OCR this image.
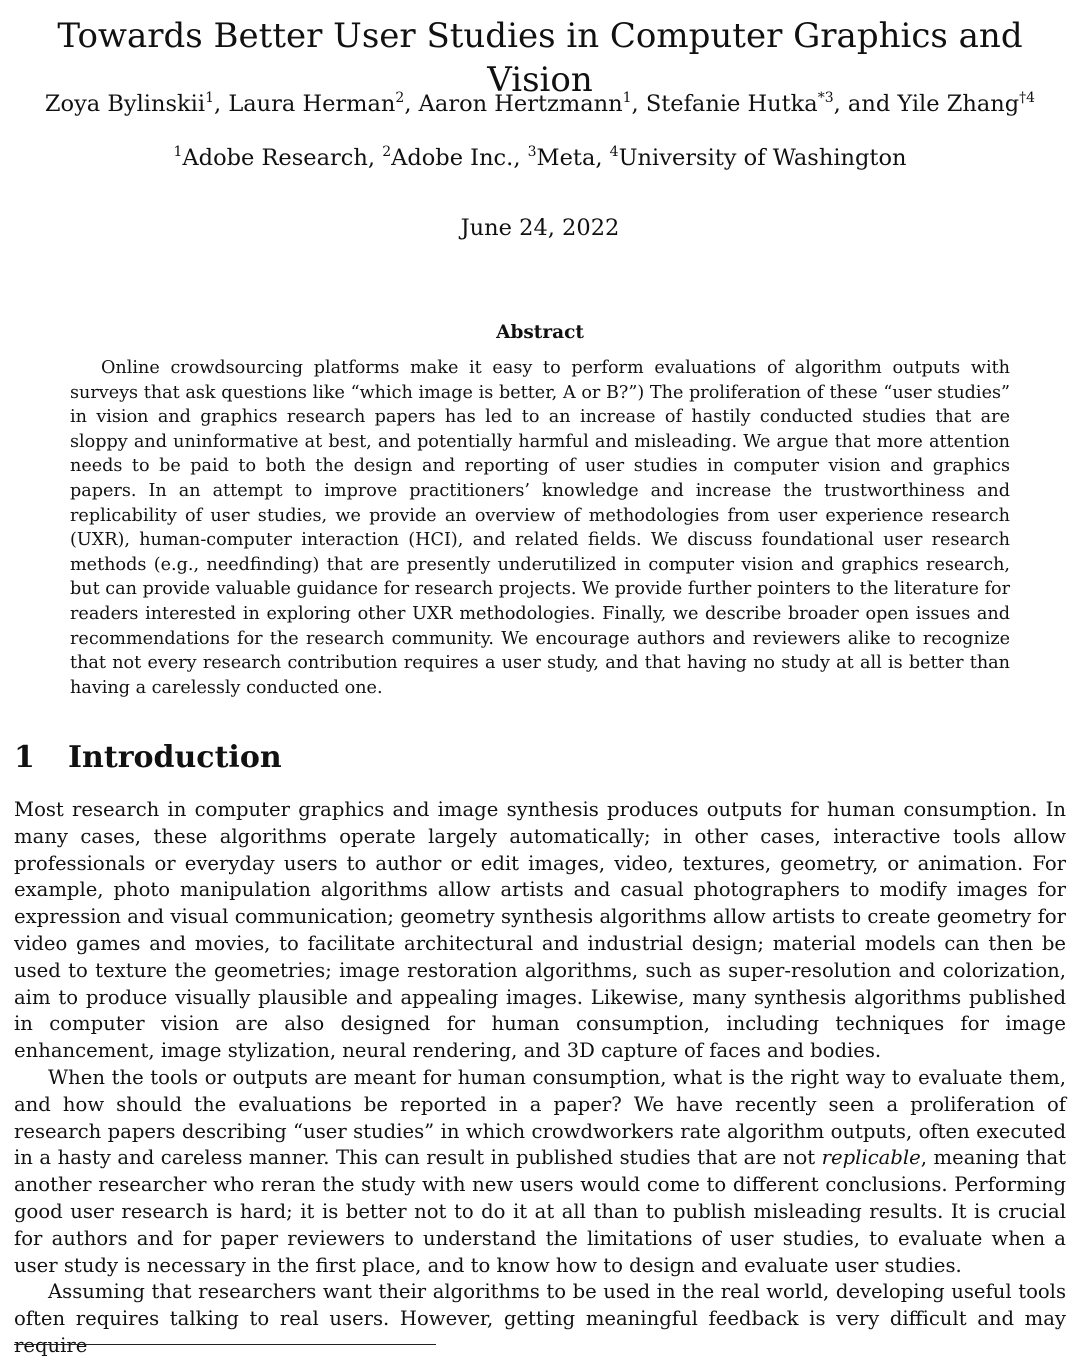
Towards Better User Studies in Computer Graphics and Vision
Zoya Bylinskii$^1$, Laura Herman$^2$, Aaron Hertzmann$^1$, Stefanie Hutka$^{*3}$, and Yile Zhang$^{\dagger 4}$
$^1$Adobe Research, $^2$Adobe Inc., $^3$Meta, $^4$University of Washington
June 24, 2022
Abstract

Online crowdsourcing platforms make it easy to perform evaluations of algorithm outputs with surveys that ask questions like “which image is better, A or B?”) The proliferation of these “user studies” in vision and graphics research papers has led to an increase of hastily conducted studies that are sloppy and uninformative at best, and potentially harmful and misleading. We argue that more attention needs to be paid to both the design and reporting of user studies in computer vision and graphics papers. In an attempt to improve practitioners’ knowledge and increase the trustworthiness and replicability of user studies, we provide an overview of methodologies from user experience research (UXR), human-computer interaction (HCI), and related fields. We discuss foundational user research methods (e.g., needfinding) that are presently underutilized in computer vision and graphics research, but can provide valuable guidance for research projects. We provide further pointers to the literature for readers interested in exploring other UXR methodologies. Finally, we describe broader open issues and recommendations for the research community. We encourage authors and reviewers alike to recognize that not every research contribution requires a user study, and that having no study at all is better than having a carelessly conducted one.

1 Introduction

Most research in computer graphics and image synthesis produces outputs for human consumption. In many cases, these algorithms operate largely automatically; in other cases, interactive tools allow professionals or everyday users to author or edit images, video, textures, geometry, or animation. For example, photo manipulation algorithms allow artists and casual photographers to modify images for expression and visual communication; geometry synthesis algorithms allow artists to create geometry for video games and movies, to facilitate architectural and industrial design; material models can then be used to texture the geometries; image restoration algorithms, such as super-resolution and colorization, aim to produce visually plausible and appealing images. Likewise, many synthesis algorithms published in computer vision are also designed for human consumption, including techniques for image enhancement, image stylization, neural rendering, and 3D capture of faces and bodies.

When the tools or outputs are meant for human consumption, what is the right way to evaluate them, and how should the evaluations be reported in a paper? We have recently seen a proliferation of research papers describing “user studies” in which crowdworkers rate algorithm outputs, often executed in a hasty and careless manner. This can result in published studies that are not replicable, meaning that another researcher who reran the study with new users would come to different conclusions. Performing good user research is hard; it is better not to do it at all than to publish misleading results. It is crucial for authors and for paper reviewers to understand the limitations of user studies, to evaluate when a user study is necessary in the first place, and to know how to design and evaluate user studies.

Assuming that researchers want their algorithms to be used in the real world, developing useful tools often requires talking to real users. However, getting meaningful feedback is very difficult and may require
